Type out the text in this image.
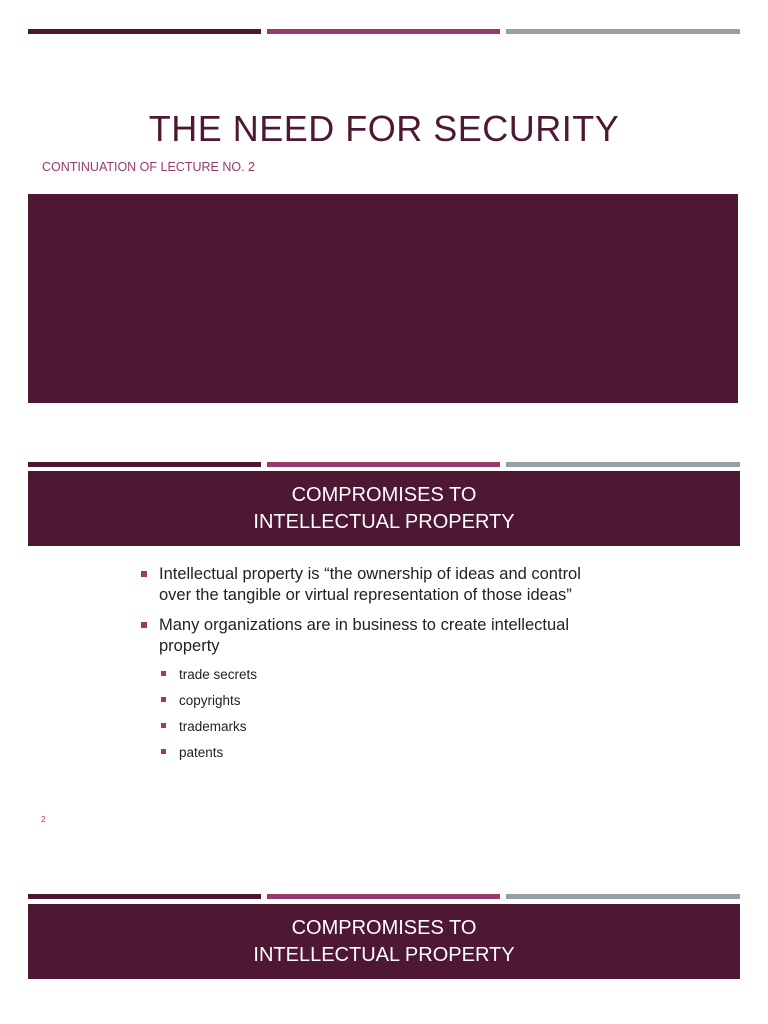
THE NEED FOR SECURITY
CONTINUATION OF LECTURE NO. 2
COMPROMISES TO
INTELLECTUAL PROPERTY
Intellectual property is “the ownership of ideas and control over the tangible or virtual representation of those ideas”
Many organizations are in business to create intellectual property
trade secrets
copyrights
trademarks
patents
2
COMPROMISES TO
INTELLECTUAL PROPERTY
